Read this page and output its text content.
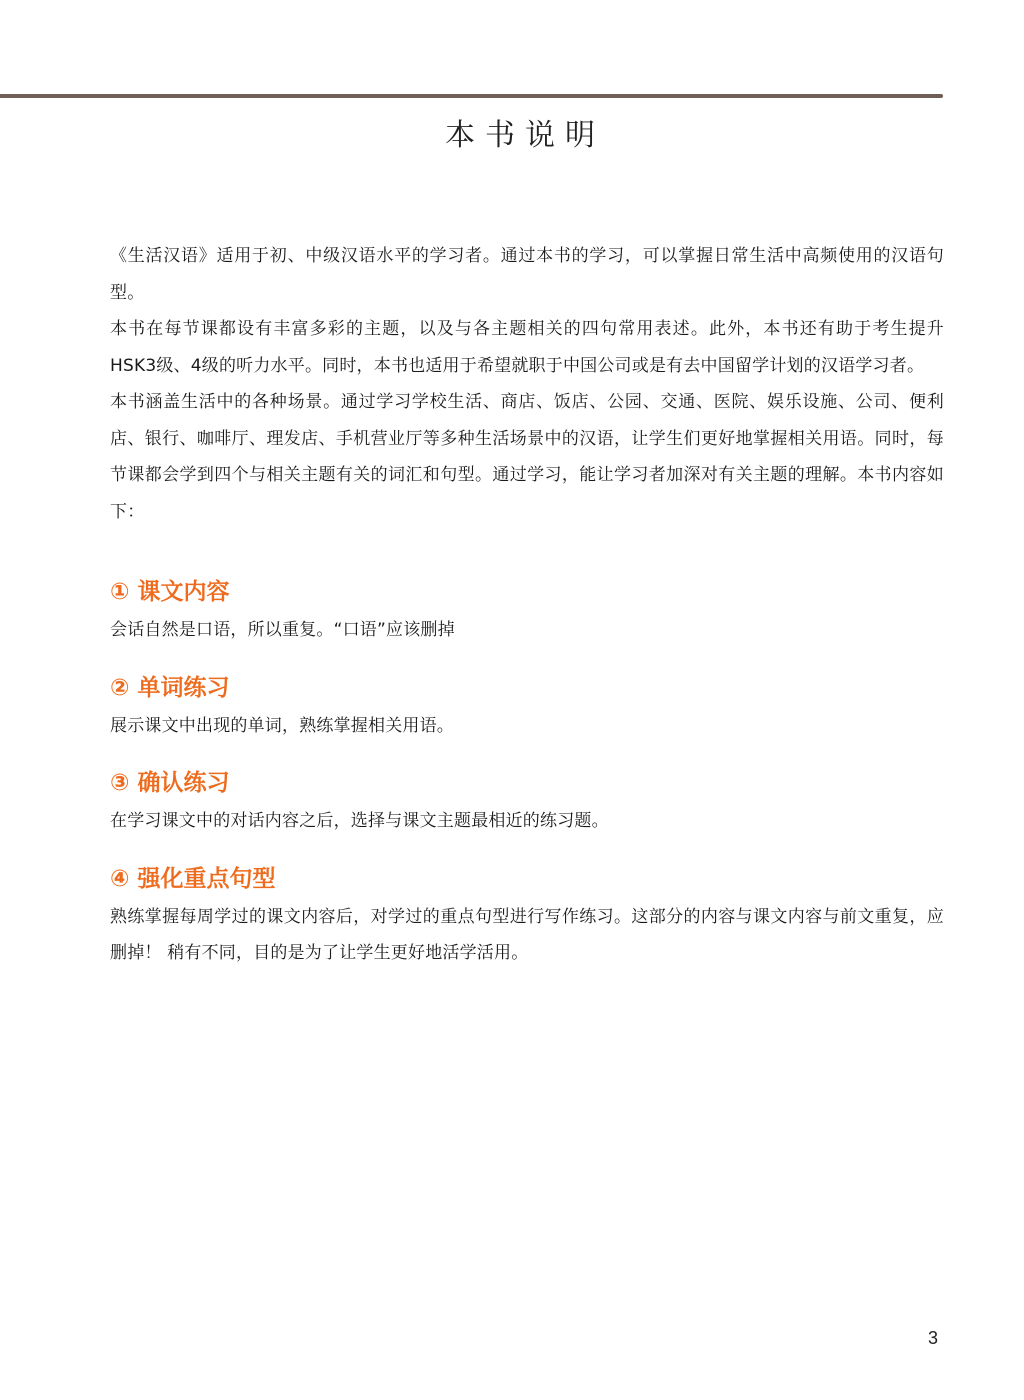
本书说明

《生活汉语》适用于初、中级汉语水平的学习者。通过本书的学习，可以掌握日常生活中高频使用的汉语句型。

本书在每节课都设有丰富多彩的主题，以及与各主题相关的四句常用表述。此外，本书还有助于考生提升HSK3级、4级的听力水平。同时，本书也适用于希望就职于中国公司或是有去中国留学计划的汉语学习者。

本书涵盖生活中的各种场景。通过学习学校生活、商店、饭店、公园、交通、医院、娱乐设施、公司、便利店、银行、咖啡厅、理发店、手机营业厅等多种生活场景中的汉语，让学生们更好地掌握相关用语。同时，每节课都会学到四个与相关主题有关的词汇和句型。通过学习，能让学习者加深对有关主题的理解。本书内容如下：

① 课文内容

会话自然是口语，所以重复。“口语”应该删掉

② 单词练习

展示课文中出现的单词，熟练掌握相关用语。

③ 确认练习

在学习课文中的对话内容之后，选择与课文主题最相近的练习题。

④ 强化重点句型

熟练掌握每周学过的课文内容后，对学过的重点句型进行写作练习。这部分的内容与课文内容与前文重复，应删掉！ 稍有不同，目的是为了让学生更好地活学活用。

3
